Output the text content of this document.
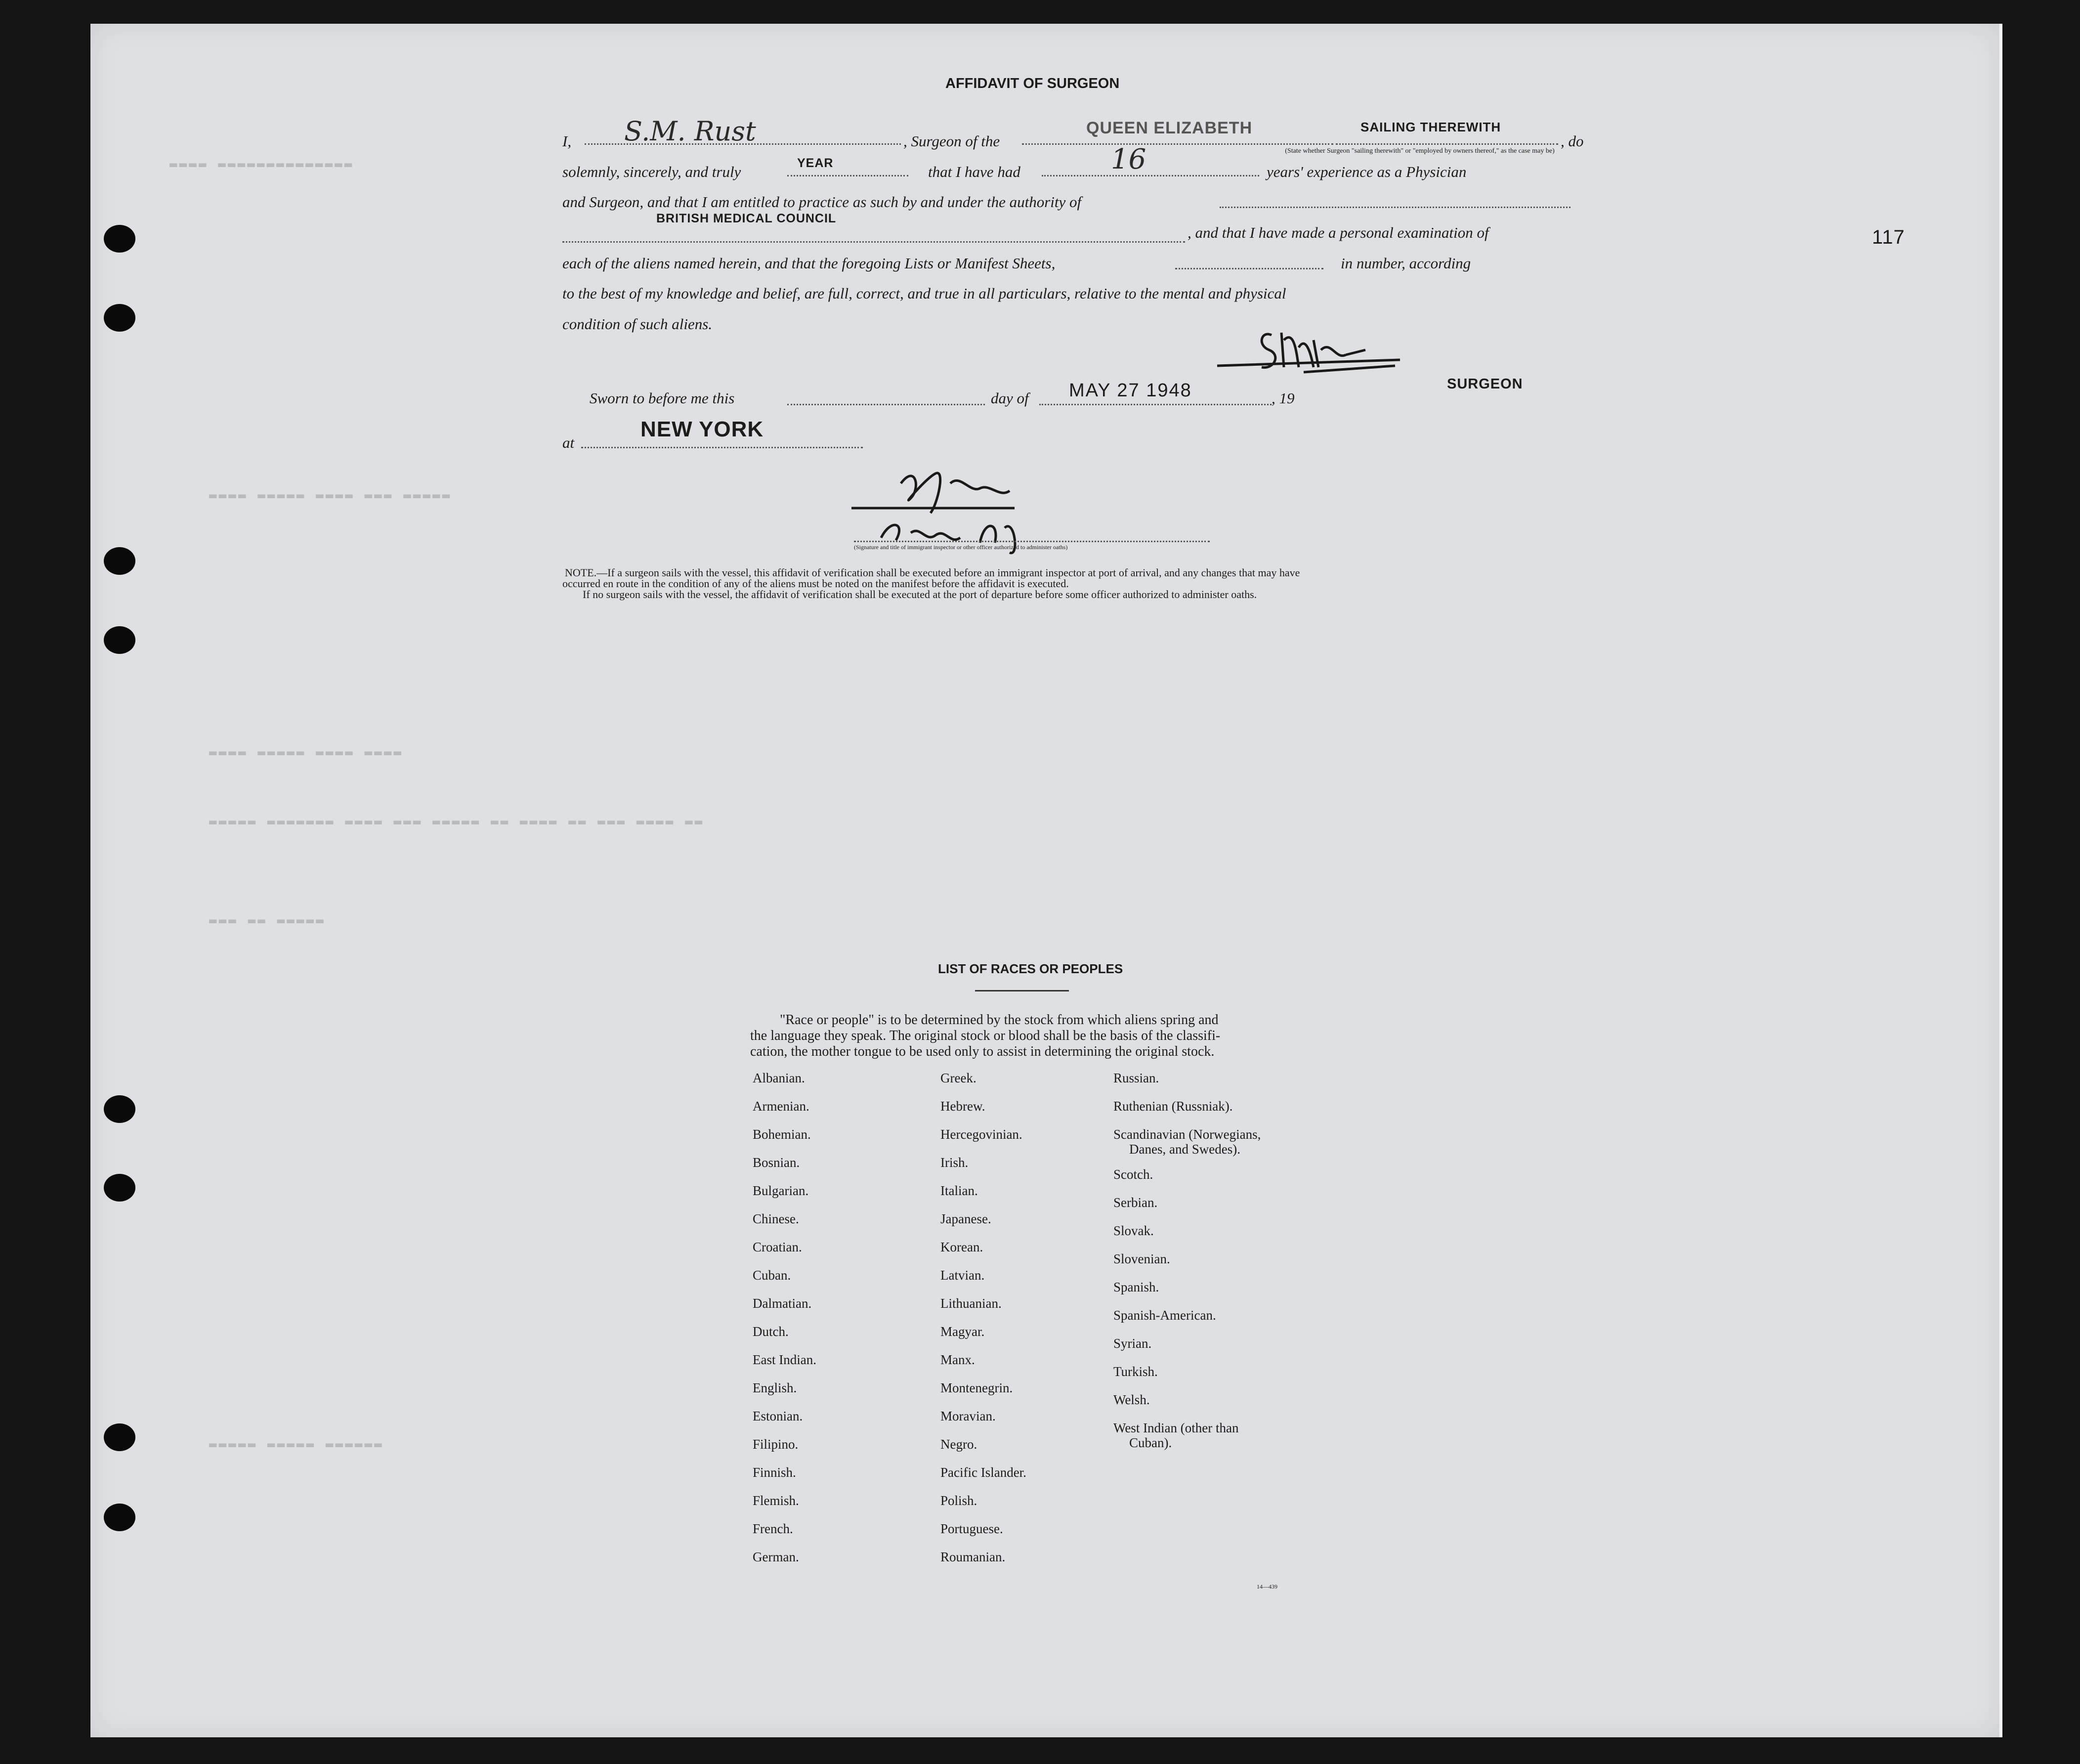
▬▬▬▬ ▬▬▬▬▬▬▬▬▬▬▬▬▬▬
▬▬▬▬ ▬▬▬▬▬ ▬▬▬▬ ▬▬▬ ▬▬▬▬▬
▬▬▬▬ ▬▬▬▬▬ ▬▬▬▬ ▬▬▬▬
▬▬▬▬▬ ▬▬▬▬▬▬▬ ▬▬▬▬ ▬▬▬ ▬▬▬▬▬ ▬▬ ▬▬▬▬ ▬▬ ▬▬▬ ▬▬▬▬ ▬▬
▬▬▬ ▬▬ ▬▬▬▬▬
▬▬▬▬▬ ▬▬▬▬▬ ▬▬▬▬▬▬
AFFIDAVIT OF SURGEON
I, S.M. Rust	, Surgeon of the
QUEEN ELIZABETH	SAILING THEREWITH
, do
(State whether Surgeon "sailing therewith" or "employed by owners thereof," as the case may be)
solemnly, sincerely, and truly	YEAR	that I have had	16	years' experience as a Physician
and Surgeon, and that I am entitled to practice as such by and under the authority of
BRITISH MEDICAL COUNCIL
, and that I have made a personal examination of
each of the aliens named herein, and that the foregoing Lists or Manifest Sheets,	in number, according
to the best of my knowledge and belief, are full, correct, and true in all particulars, relative to the mental and physical
condition of such aliens.
SURGEON
Sworn to before me this	day of MAY 27 1948	, 19
at
NEW YORK
(Signature and title of immigrant inspector or other officer authorized to administer oaths)
NOTE.—If a surgeon sails with the vessel, this affidavit of verification shall be executed before an immigrant inspector at port of arrival, and any changes that may have
occurred en route in the condition of any of the aliens must be noted on the manifest before the affidavit is executed.
If no surgeon sails with the vessel, the affidavit of verification shall be executed at the port of departure before some officer authorized to administer oaths.
117
LIST OF RACES OR PEOPLES
"Race or people" is to be determined by the stock from which aliens spring and
the language they speak. The original stock or blood shall be the basis of the classifi-
cation, the mother tongue to be used only to assist in determining the original stock.
Albanian.
Armenian.
Bohemian.
Bosnian.
Bulgarian.
Chinese.
Croatian.
Cuban.
Dalmatian.
Dutch.
East Indian.
English.
Estonian.
Filipino.
Finnish.
Flemish.
French.
German.
Greek.
Hebrew.
Hercegovinian.
Irish.
Italian.
Japanese.
Korean.
Latvian.
Lithuanian.
Magyar.
Manx.
Montenegrin.
Moravian.
Negro.
Pacific Islander.
Polish.
Portuguese.
Roumanian.
Russian.
Ruthenian (Russniak).
Scandinavian (Norwegians,
Danes, and Swedes).
Scotch.
Serbian.
Slovak.
Slovenian.
Spanish.
Spanish-American.
Syrian.
Turkish.
Welsh.
West Indian (other than
Cuban).
14—439
